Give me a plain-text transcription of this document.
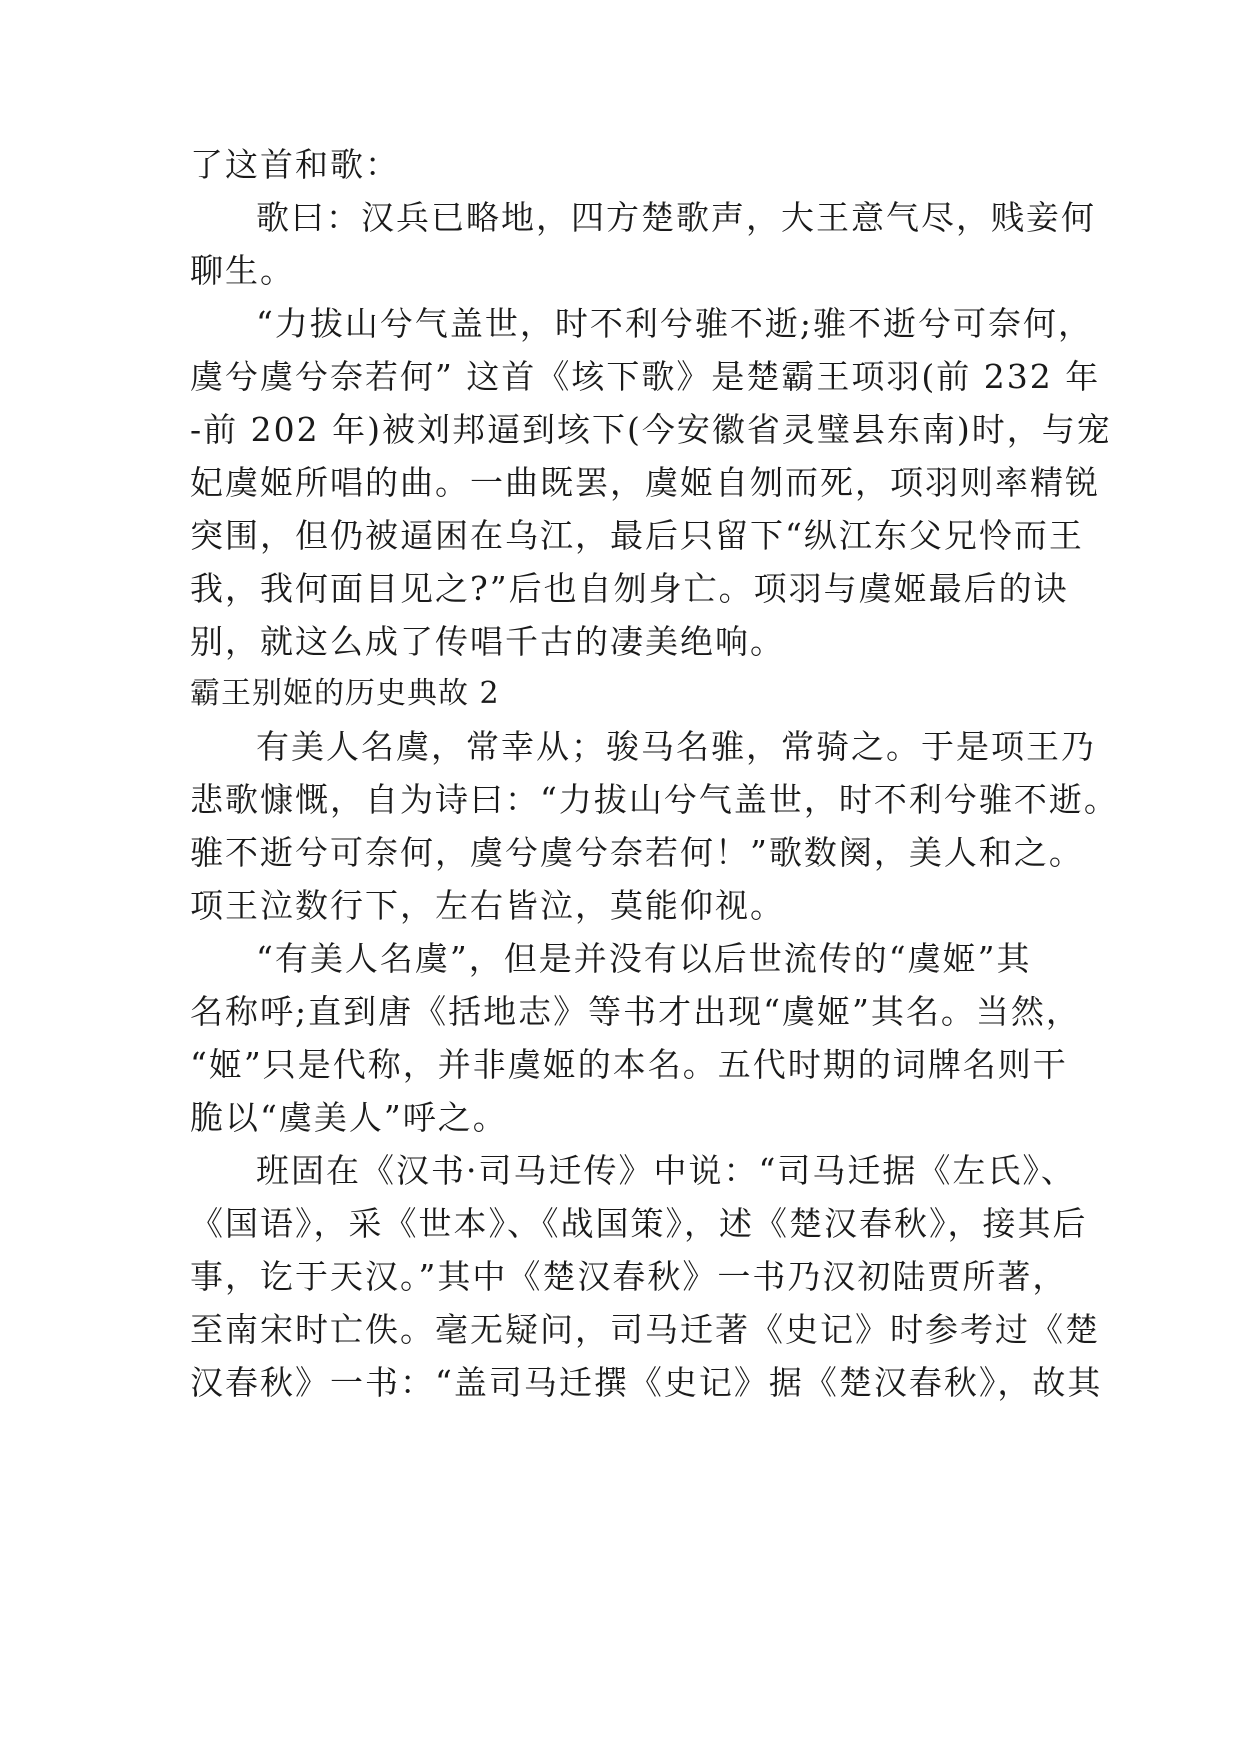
了这首和歌：
歌曰：汉兵已略地，四方楚歌声，大王意气尽，贱妾何
聊生。
“力拔山兮气盖世，时不利兮骓不逝;骓不逝兮可奈何，
虞兮虞兮奈若何” 这首《垓下歌》是楚霸王项羽(前 232 年
-前 202 年)被刘邦逼到垓下(今安徽省灵璧县东南)时，与宠
妃虞姬所唱的曲。一曲既罢，虞姬自刎而死，项羽则率精锐
突围，但仍被逼困在乌江，最后只留下“纵江东父兄怜而王
我，我何面目见之?”后也自刎身亡。项羽与虞姬最后的诀
别，就这么成了传唱千古的凄美绝响。
霸王别姬的历史典故 2
有美人名虞，常幸从；骏马名骓，常骑之。于是项王乃
悲歌慷慨，自为诗曰：“力拔山兮气盖世，时不利兮骓不逝。
骓不逝兮可奈何，虞兮虞兮奈若何！”歌数阕，美人和之。
项王泣数行下，左右皆泣，莫能仰视。
“有美人名虞”，但是并没有以后世流传的“虞姬”其
名称呼;直到唐《括地志》等书才出现“虞姬”其名。当然，
“姬”只是代称，并非虞姬的本名。五代时期的词牌名则干
脆以“虞美人”呼之。
班固在《汉书·司马迁传》中说：“司马迁据《左氏》、
《国语》，采《世本》、《战国策》，述《楚汉春秋》，接其后
事，讫于天汉。”其中《楚汉春秋》一书乃汉初陆贾所著，
至南宋时亡佚。毫无疑问，司马迁著《史记》时参考过《楚
汉春秋》一书：“盖司马迁撰《史记》据《楚汉春秋》，故其
